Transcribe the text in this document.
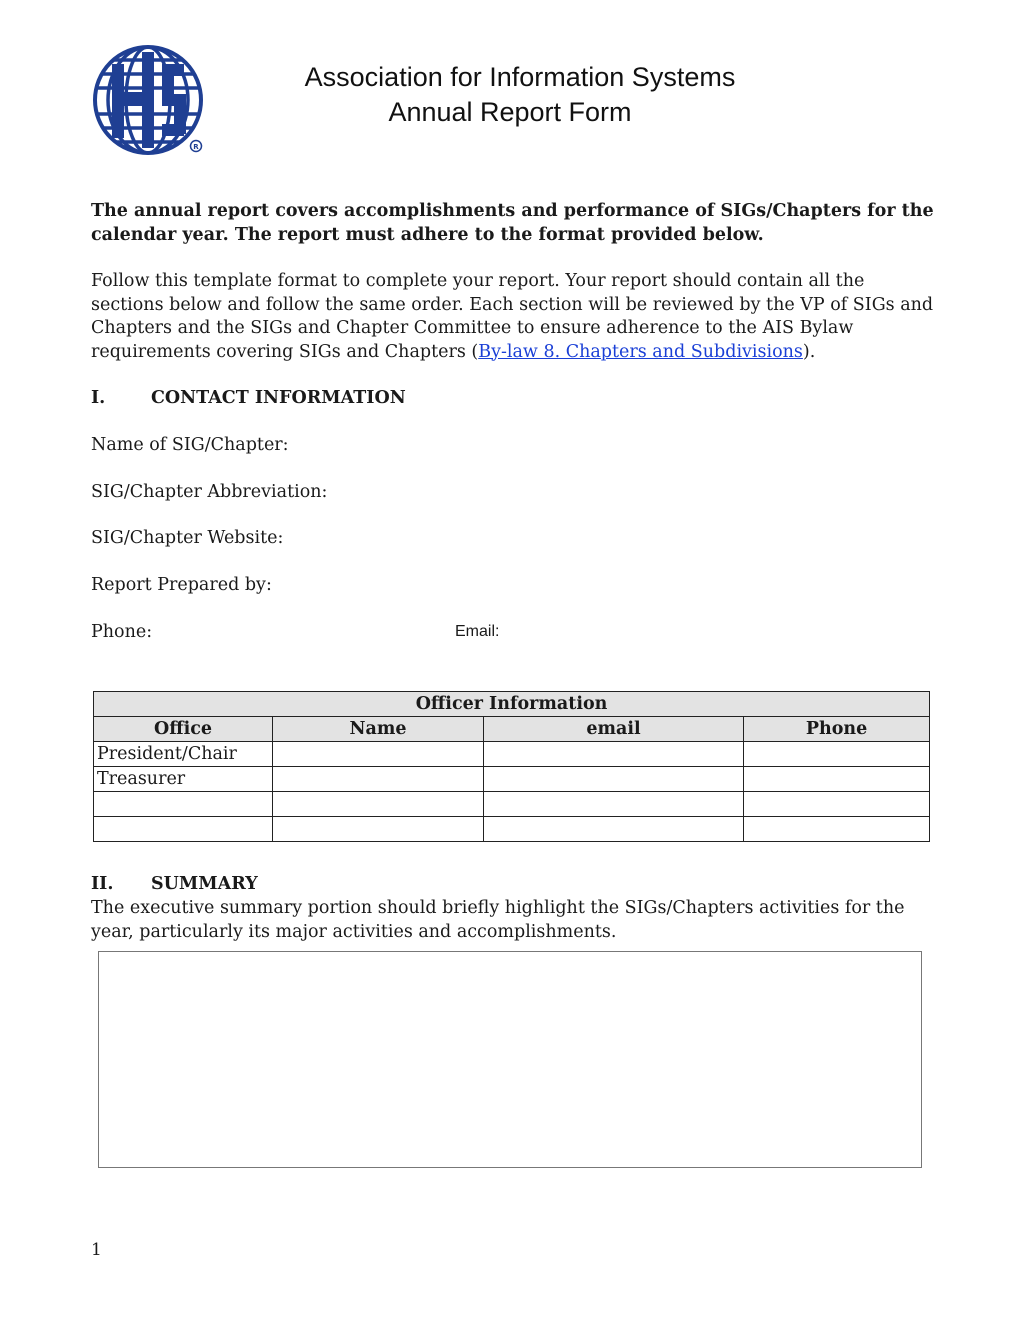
R
Association for Information Systems
Annual Report Form

The annual report covers accomplishments and performance of SIGs/Chapters for the calendar year. The report must adhere to the format provided below.

Follow this template format to complete your report. Your report should contain all the sections below and follow the same order. Each section will be reviewed by the VP of SIGs and Chapters and the SIGs and Chapter Committee to ensure adherence to the AIS Bylaw requirements covering SIGs and Chapters (By-law 8. Chapters and Subdivisions).

I.	CONTACT INFORMATION
Name of SIG/Chapter:
SIG/Chapter Abbreviation:
SIG/Chapter Website:
Report Prepared by:
Phone:	Email:
Officer Information			
Office	Name	email	Phone
President/Chair			
Treasurer			

II. SUMMARY

The executive summary portion should briefly highlight the SIGs/Chapters activities for the year, particularly its major activities and accomplishments.

1
